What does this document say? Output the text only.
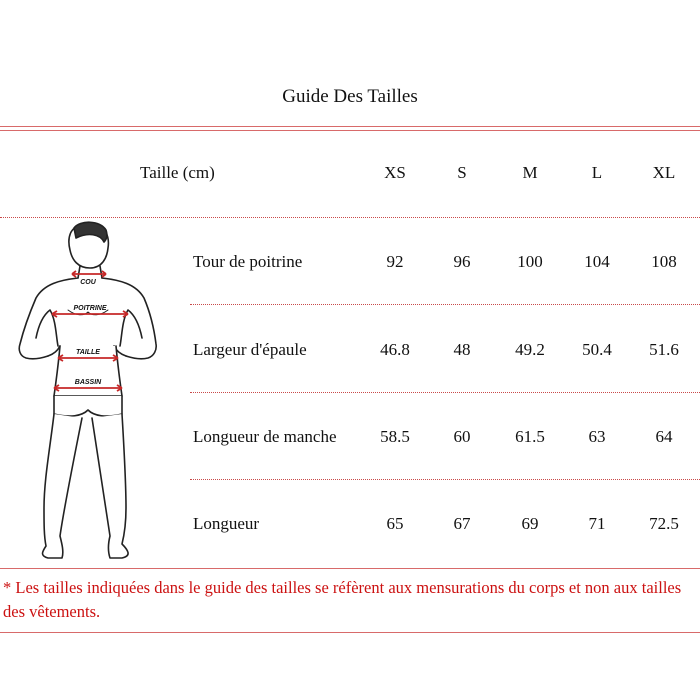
Guide Des Tailles
Taille (cm)	XS	S	M	L	XL
COU
POITRINE
TAILLE
BASSIN
Tour de poitrine	92	96	100	104	108
Largeur d'épaule	46.8	48	49.2	50.4	51.6
Longueur de manche	58.5	60	61.5	63	64
Longueur	65	67	69	71	72.5
* Les tailles indiquées dans le guide des tailles se réfèrent aux mensurations du corps et non aux tailles des vêtements.
